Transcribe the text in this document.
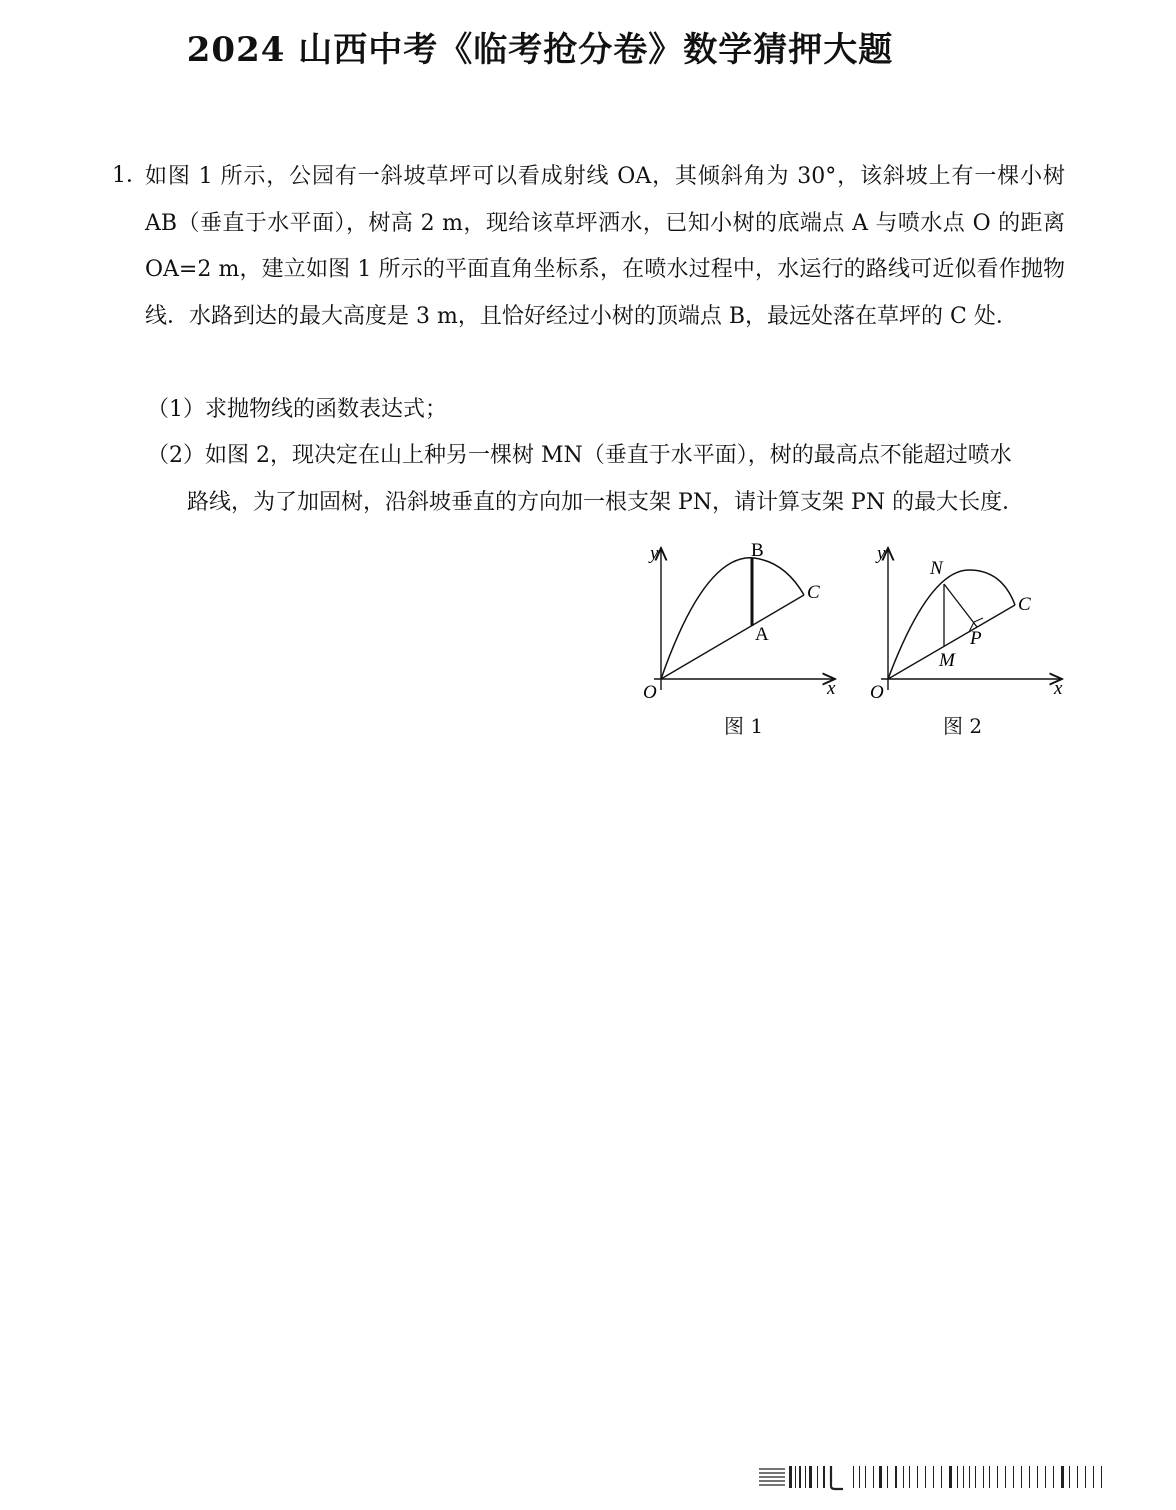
2024 山西中考《临考抢分卷》数学猜押大题
1．
如图 1 所示，公园有一斜坡草坪可以看成射线 OA，其倾斜角为 30°，该斜坡上有一棵小树 AB（垂直于水平面），树高 2 m，现给该草坪洒水，已知小树的底端点 A 与喷水点 O 的距离 OA=2 m，建立如图 1 所示的平面直角坐标系，在喷水过程中，水运行的路线可近似看作抛物线．水路到达的最大高度是 3 m，且恰好经过小树的顶端点 B，最远处落在草坪的 C 处．
（1）求抛物线的函数表达式；
（2）如图 2，现决定在山上种另一棵树 MN（垂直于水平面），树的最高点不能超过喷水
路线，为了加固树，沿斜坡垂直的方向加一根支架 PN，请计算支架 PN 的最大长度．
y
x
O
B
C
A
图 1
y
x
O
N
C
P
M
图 2
